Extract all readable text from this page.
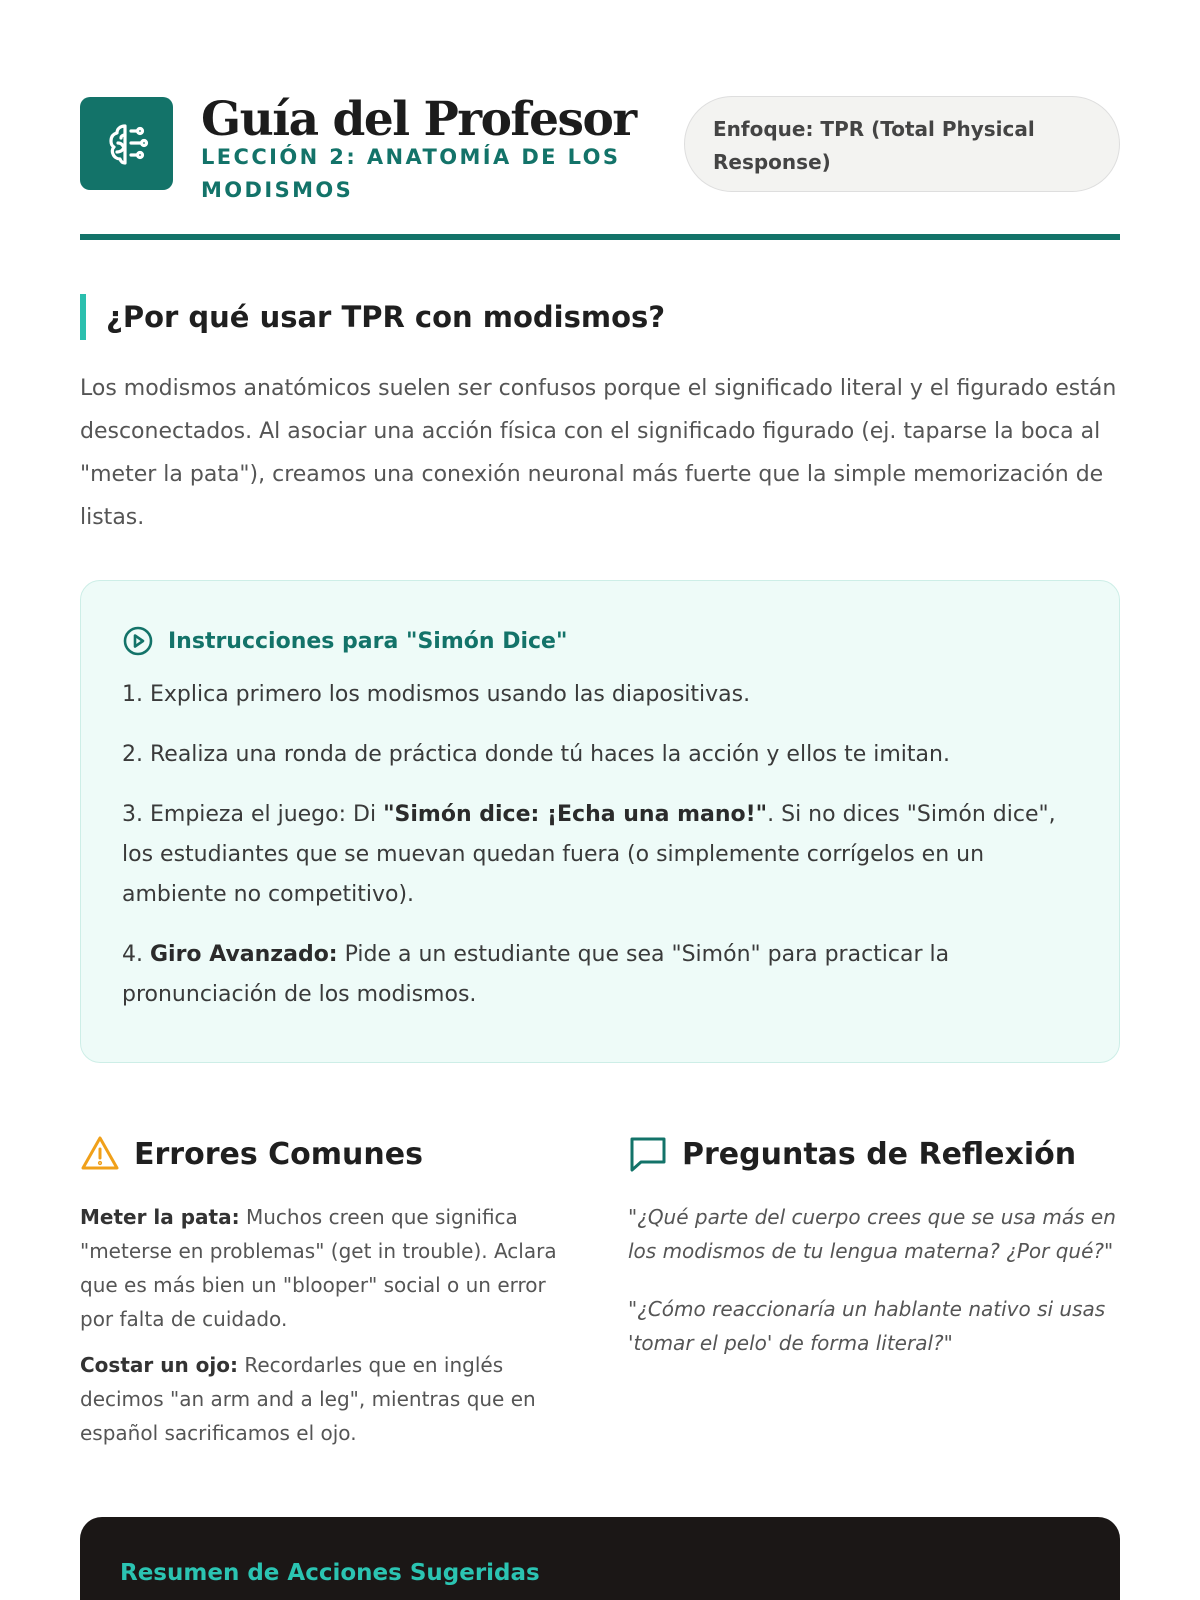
Guía del Profesor
LECCIÓN 2: ANATOMÍA DE LOS MODISMOS
Enfoque: TPR (Total Physical Response)
¿Por qué usar TPR con modismos?

Los modismos anatómicos suelen ser confusos porque el significado literal y el figurado están desconectados. Al asociar una acción física con el significado figurado (ej. taparse la boca al "meter la pata"), creamos una conexión neuronal más fuerte que la simple memorización de listas.

Instrucciones para "Simón Dice"
1. Explica primero los modismos usando las diapositivas.
2. Realiza una ronda de práctica donde tú haces la acción y ellos te imitan.
3. Empieza el juego: Di "Simón dice: ¡Echa una mano!". Si no dices "Simón dice", los estudiantes que se muevan quedan fuera (o simplemente corrígelos en un ambiente no competitivo).
4. Giro Avanzado: Pide a un estudiante que sea "Simón" para practicar la pronunciación de los modismos.
Errores Comunes

Meter la pata: Muchos creen que significa "meterse en problemas" (get in trouble). Aclara que es más bien un "blooper" social o un error por falta de cuidado.

Costar un ojo: Recordarles que en inglés decimos "an arm and a leg", mientras que en español sacrificamos el ojo.

Preguntas de Reflexión

"¿Qué parte del cuerpo crees que se usa más en los modismos de tu lengua materna? ¿Por qué?"

"¿Cómo reaccionaría un hablante nativo si usas 'tomar el pelo' de forma literal?"

Resumen de Acciones Sugeridas
